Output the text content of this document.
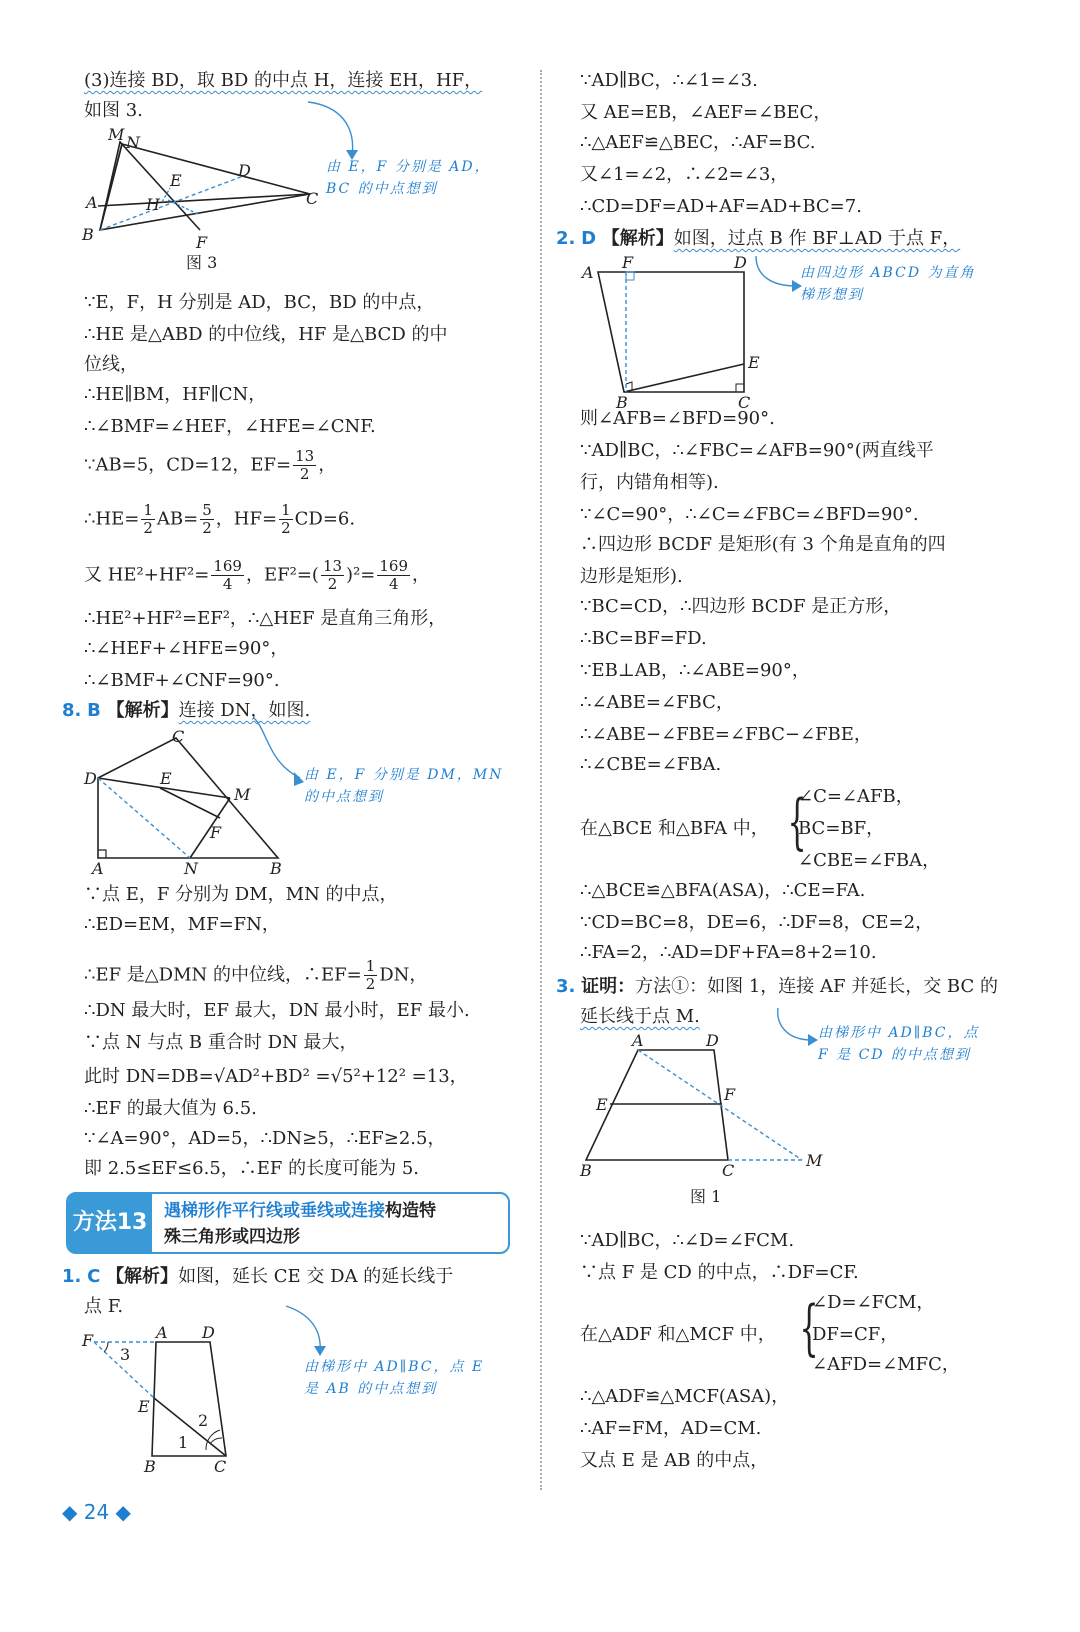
(3)连接 BD，取 BD 的中点 H，连接 EH，HF，
如图 3.
M N
D
E
A	H	C
B	F
图 3
由 E，F 分别是 AD，
BC 的中点想到
∵E，F，H 分别是 AD，BC，BD 的中点，
∴HE 是△ABD 的中位线，HF 是△BCD 的中
位线，
∴HE∥BM，HF∥CN，
∴∠BMF=∠HEF，∠HFE=∠CNF.
∵AB=5，CD=12，$EF= \frac{13}{2}$ ，
∴HE= $\frac{1}{2} AB= \frac{5}{2}$ ，$HF= \frac{1}{2} CD=6$.
又 $HE^2+HF^2= \frac{169}{4}$ ，$EF^2=( \frac{13}{2} )^2= \frac{169}{4}$ ，
∴HE²+HF²=EF²，∴△HEF 是直角三角形，
∴∠HEF+∠HFE=90°，
∴∠BMF+∠CNF=90°.
8. B 【解析】连接 DN，如图.
C
D	E
M
F
A	N	B
由 E，F 分别是 DM，MN
的中点想到
∵点 E，F 分别为 DM，MN 的中点，
∴ED=EM，MF=FN，
∴EF 是△DMN 的中位线，∴EF= $\frac{1}{2}$ DN，
∴DN 最大时，EF 最大，DN 最小时，EF 最小.
∵点 N 与点 B 重合时 DN 最大，
此时 DN=DB=√AD²+BD² =√5²+12² =13，
∴EF 的最大值为 6.5.
∵∠A=90°，AD=5，∴DN≥5，∴EF≥2.5，
即 2.5≤EF≤6.5，∴EF 的长度可能为 5.
方法13 遇梯形作平行线或垂线或连接构造特
殊三角形或四边形
1. C 【解析】如图，延长 CE 交 DA 的延长线于
点 F.
F
3
A D
E
1
2
B	C
由梯形中 AD∥BC，点 E
是 AB 的中点想到
∵AD∥BC，∴∠1=∠3.
又 AE=EB，∠AEF=∠BEC，
∴△AEF≌△BEC，∴AF=BC.
又∠1=∠2，∴∠2=∠3，
∴CD=DF=AD+AF=AD+BC=7.
2. D 【解析】如图，过点 B 作 BF⊥AD 于点 F，
A
F	D
E
B	C
由四边形 ABCD 为直角
梯形想到
则∠AFB=∠BFD=90°.
∵AD∥BC，∴∠FBC=∠AFB=90°(两直线平
行，内错角相等).
∵∠C=90°，∴∠C=∠FBC=∠BFD=90°.
∴四边形 BCDF 是矩形(有 3 个角是直角的四
边形是矩形).
∵BC=CD，∴四边形 BCDF 是正方形，
∴BC=BF=FD.
∵EB⊥AB，∴∠ABE=90°，
∴∠ABE=∠FBC，
∴∠ABE−∠FBE=∠FBC−∠FBE，
∴∠CBE=∠FBA.
在△BCE 和△BFA 中， {
∠C=∠AFB，
BC=BF，
∠CBE=∠FBA，
∴△BCE≌△BFA(ASA)，∴CE=FA.
∵CD=BC=8，DE=6，∴DF=8，CE=2，
∴FA=2，∴AD=DF+FA=8+2=10.
3. 证明：方法①：如图 1，连接 AF 并延长，交 BC 的
延长线于点 M.
A	D
E
F
B	C
M
图 1
由梯形中 AD∥BC，点
F 是 CD 的中点想到
∵AD∥BC，∴∠D=∠FCM.
∵点 F 是 CD 的中点，∴DF=CF.
在△ADF 和△MCF 中， {
∠D=∠FCM，
DF=CF，
∠AFD=∠MFC，
∴△ADF≌△MCF(ASA)，
∴AF=FM，AD=CM.
又点 E 是 AB 的中点，
◆ 24 ◆
